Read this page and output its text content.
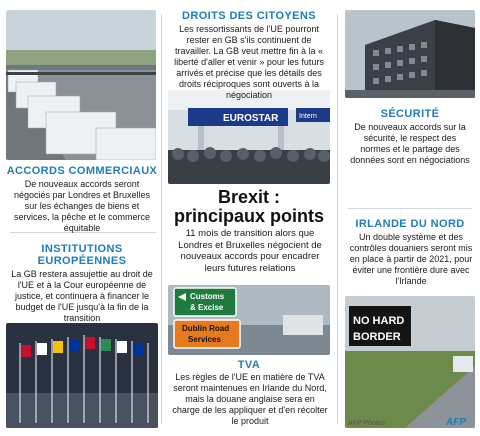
EUROSTAR	Intern
Customs
& Excise
Dublin Road
Services
NO HARD
BORDER
DROITS DES CITOYENS
Les ressortissants de l'UE pourront rester en GB s'ils continuent de travailler. La GB veut mettre fin à la « liberté d'aller et venir » pour les futurs arrivés et précise que les détails des droits réciproques sont ouverts à la négociation
Brexit :
principaux points
11 mois de transition alors que Londres et Bruxelles négocient de nouveaux accords pour encadrer leurs futures relations
TVA
Les règles de l'UE en matière de TVA seront maintenues en Irlande du Nord, mais la douane anglaise sera en charge de les appliquer et d'en récolter le produit
ACCORDS COMMERCIAUX
De nouveaux accords seront négociés par Londres et Bruxelles sur les échanges de biens et services, la pêche et le commerce équitable
INSTITUTIONS
EUROPÉENNES
La GB restera assujettie au droit de l'UE et à la Cour européenne de justice, et continuera à financer le budget de l'UE jusqu'à la fin de la transition
SÉCURITÉ
De nouveaux accords sur la sécurité, le respect des normes et le partage des données sont en négociations
IRLANDE DU NORD
Un double système et des contrôles douaniers seront mis en place à partir de 2021, pour éviter une frontière dure avec l'Irlande
AFP Photos	AFP
